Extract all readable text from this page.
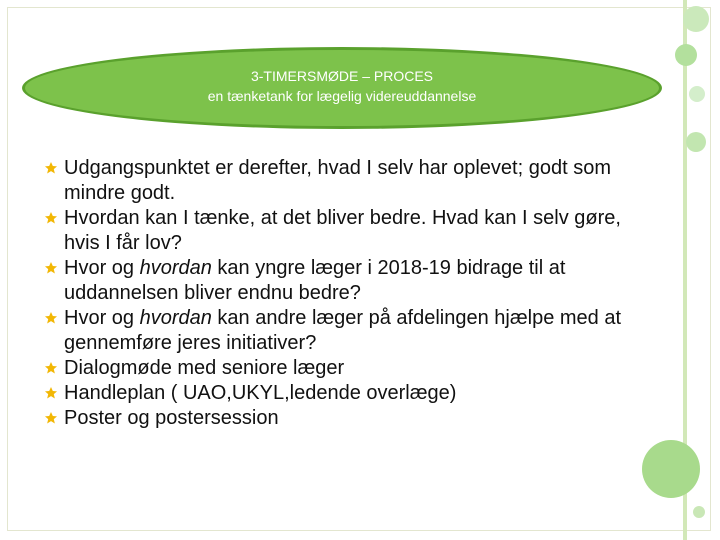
3-TIMERSMØDE – PROCES
en tænketank for lægelig videreuddannelse
Udgangspunktet er derefter, hvad I selv har oplevet; godt som mindre godt.
Hvordan kan I tænke, at det bliver bedre. Hvad kan I selv gøre, hvis I får lov?
Hvor og hvordan kan yngre læger i 2018-19 bidrage til at uddannelsen bliver endnu bedre?
Hvor og hvordan kan andre læger på afdelingen hjælpe med at gennemføre jeres initiativer?
Dialogmøde med seniore læger
Handleplan ( UAO,UKYL,ledende overlæge)
Poster og postersession
